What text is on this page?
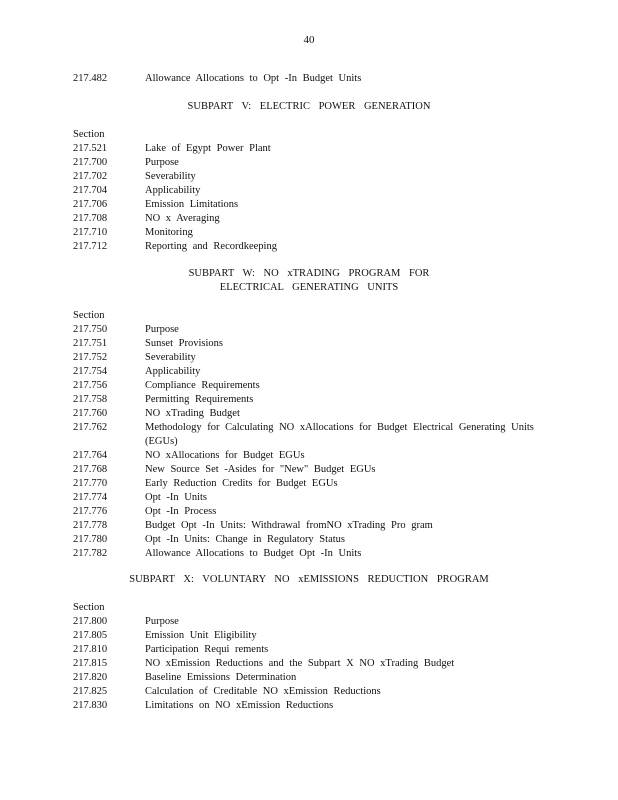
40
217.482	Allowance Allocations to Opt -In Budget Units
SUBPART V: ELECTRIC POWER GENERATION
Section
217.521	Lake of Egypt Power Plant
217.700	Purpose
217.702	Severability
217.704	Applicability
217.706	Emission Limitations
217.708	NO x Averaging
217.710	Monitoring
217.712	Reporting and Recordkeeping
SUBPART W: NO xTRADING PROGRAM FOR
ELECTRICAL GENERATING UNITS
Section
217.750	Purpose
217.751	Sunset Provisions
217.752	Severability
217.754	Applicability
217.756	Compliance Requirements
217.758	Permitting Requirements
217.760	NO xTrading Budget
217.762	Methodology for Calculating NO xAllocations for Budget Electrical Generating Units (EGUs)
217.764	NO xAllocations for Budget EGUs
217.768	New Source Set -Asides for "New" Budget EGUs
217.770	Early Reduction Credits for Budget EGUs
217.774	Opt -In Units
217.776	Opt -In Process
217.778	Budget Opt -In Units: Withdrawal fromNO xTrading Pro gram
217.780	Opt -In Units: Change in Regulatory Status
217.782	Allowance Allocations to Budget Opt -In Units
SUBPART X: VOLUNTARY NO xEMISSIONS REDUCTION PROGRAM
Section
217.800	Purpose
217.805	Emission Unit Eligibility
217.810	Participation Requi rements
217.815	NO xEmission Reductions and the Subpart X NO xTrading Budget
217.820	Baseline Emissions Determination
217.825	Calculation of Creditable NO xEmission Reductions
217.830	Limitations on NO xEmission Reductions
